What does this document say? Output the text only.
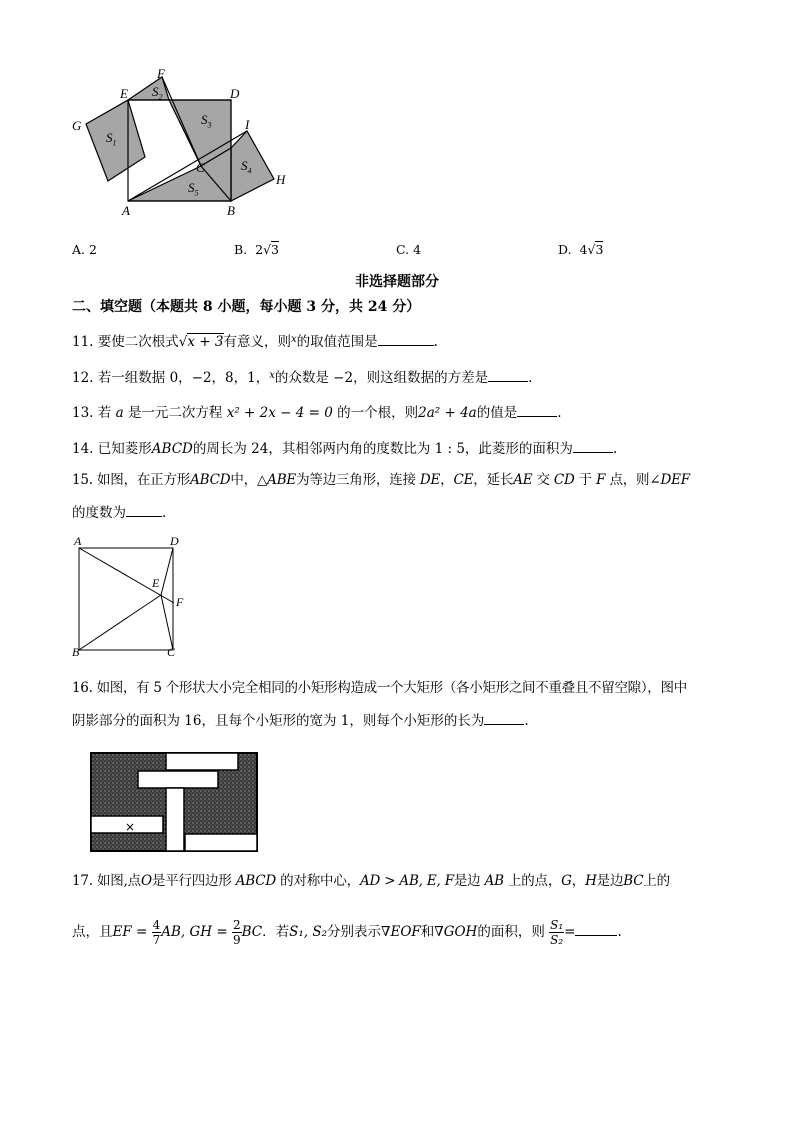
F
E	D
G	I
C
H
A	B
$S_1$
$S_2$
$S_3$
$S_4$
$S_5$
A. 2	B. 2√3	C. 4	D. 4√3
非选择题部分
二、填空题（本题共 8 小题，每小题 3 分，共 24 分）
11. 要使二次根式√x + 3有意义，则$^x$的取值范围是	.
12. 若一组数据 0，−2，8，1，$^x$的众数是 −2，则这组数据的方差是	.
13. 若 a 是一元二次方程 x² + 2x − 4 = 0 的一个根，则2a² + 4a的值是	.
14. 已知菱形ABCD的周长为 24，其相邻两内角的度数比为 1 : 5，此菱形的面积为	.
15. 如图，在正方形ABCD中，△ABE为等边三角形，连接 DE，CE，延长AE 交 CD 于 F 点，则∠DEF
的度数为	.
A	D
E
F
B	C
16. 如图，有 5 个形状大小完全相同的小矩形构造成一个大矩形（各小矩形之间不重叠且不留空隙），图中
阴影部分的面积为 16，且每个小矩形的宽为 1，则每个小矩形的长为	.
×
17. 如图,点O是平行四边形 ABCD 的对称中心，AD > AB, E, F是边 AB 上的点，G，H是边BC上的
点，且EF = $\frac{4}{7}$ AB, GH = $\frac{2}{9}$ BC．若S₁, S₂分别表示∇EOF和∇GOH的面积，则 $\frac{\text{S₁}}{\text{S₂}}$ =	.
